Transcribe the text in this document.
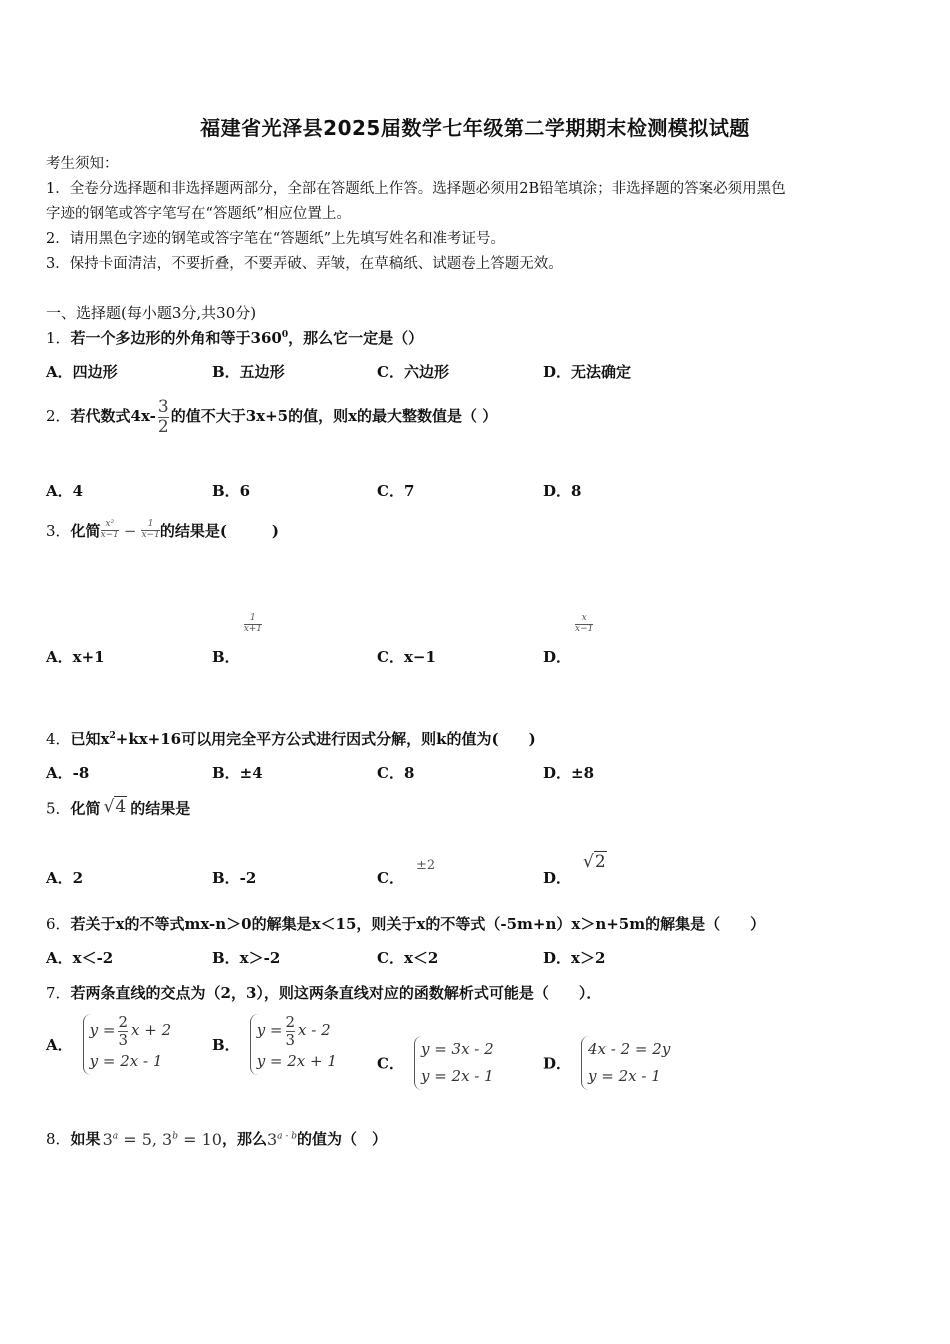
福建省光泽县2025届数学七年级第二学期期末检测模拟试题
考生须知：
1．全卷分选择题和非选择题两部分，全部在答题纸上作答。选择题必须用2B铅笔填涂；非选择题的答案必须用黑色
字迹的钢笔或答字笔写在“答题纸”相应位置上。
2．请用黑色字迹的钢笔或答字笔在“答题纸”上先填写姓名和准考证号。
3．保持卡面清洁，不要折叠，不要弄破、弄皱，在草稿纸、试题卷上答题无效。
一、选择题(每小题3分,共30分)
1．若一个多边形的外角和等于$360^0$，那么它一定是（）
A．四边形	B．五边形	C．六边形	D．无法确定
2．若代数式$4x- \frac{3}{2}$ 的值不大于3x+5的值，则x的最大整数值是（ ）
A．4	B．6	C．7	D．8
3．化简 $\frac{\text{x²}}{x-1} - \frac{1}{x-1}$ 的结果是(　　　)
A．x+1	B．
$\frac{1}{x+1}$
C．x−1	D．
$\frac{x}{x-1}$
4．已知$x^2+kx+16$可以用完全平方公式进行因式分解，则k的值为(　　)
A．-8	B．±4	C．8	D．±8
5．化简 √4 的结果是
A．2	B．-2	C．±2
D．√2
6．若关于x的不等式mx-n＞0的解集是x＜15，则关于x的不等式（-5m+n）x＞n+5m的解集是（　　）
A．x＜-2	B．x＞-2	C．x＜2	D．x＞2
7．若两条直线的交点为（2，3），则这两条直线对应的函数解析式可能是（　　）．
A．
$y = \frac{2}{3}$ x + 2
y = 2x - 1
B．
$y = \frac{2}{3}$ x - 2
y = 2x + 1	C．
y = 3x - 2
y = 2x - 1
D．
4x - 2 = 2y
y = 2x - 1
8．如果 $3^a = 5$, $3^b = 10$，那么3$^{a - b}$的值为（　）
